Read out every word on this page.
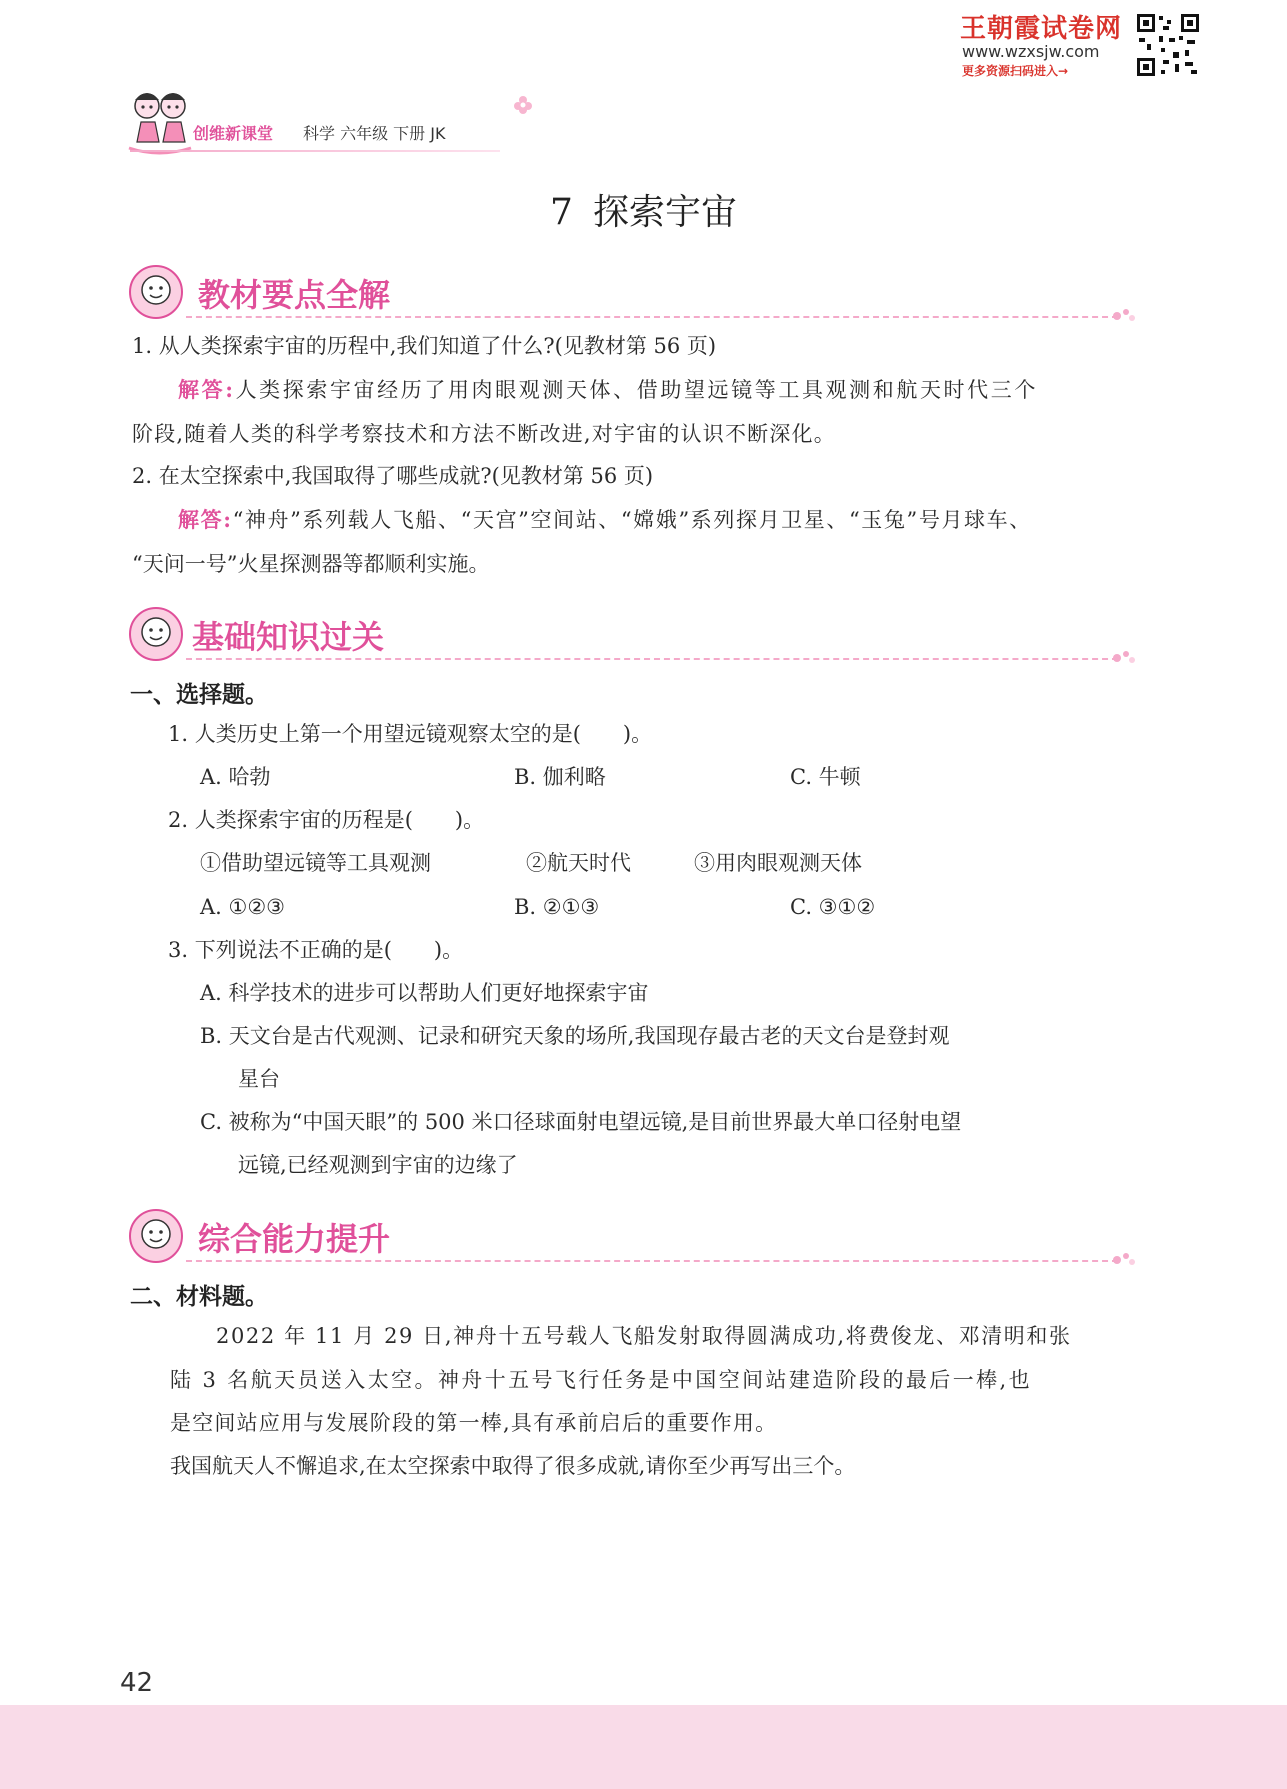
王朝霞试卷网
www.wzxsjw.com
更多资源扫码进入→
创维新课堂 科学 六年级 下册 JK
7 探索宇宙
教材要点全解
1. 从人类探索宇宙的历程中,我们知道了什么?(见教材第 56 页)
解答:人类探索宇宙经历了用肉眼观测天体、借助望远镜等工具观测和航天时代三个
阶段,随着人类的科学考察技术和方法不断改进,对宇宙的认识不断深化。
2. 在太空探索中,我国取得了哪些成就?(见教材第 56 页)
解答:“神舟”系列载人飞船、“天宫”空间站、“嫦娥”系列探月卫星、“玉兔”号月球车、
“天问一号”火星探测器等都顺利实施。
基础知识过关
一、选择题。
1. 人类历史上第一个用望远镜观察太空的是(　　)。
A. 哈勃	B. 伽利略	C. 牛顿
2. 人类探索宇宙的历程是(　　)。
①借助望远镜等工具观测	②航天时代	③用肉眼观测天体
A. ①②③	B. ②①③	C. ③①②
3. 下列说法不正确的是(　　)。
A. 科学技术的进步可以帮助人们更好地探索宇宙
B. 天文台是古代观测、记录和研究天象的场所,我国现存最古老的天文台是登封观
星台
C. 被称为“中国天眼”的 500 米口径球面射电望远镜,是目前世界最大单口径射电望
远镜,已经观测到宇宙的边缘了
综合能力提升
二、材料题。
2022 年 11 月 29 日,神舟十五号载人飞船发射取得圆满成功,将费俊龙、邓清明和张
陆 3 名航天员送入太空。神舟十五号飞行任务是中国空间站建造阶段的最后一棒,也
是空间站应用与发展阶段的第一棒,具有承前启后的重要作用。
我国航天人不懈追求,在太空探索中取得了很多成就,请你至少再写出三个。
42
